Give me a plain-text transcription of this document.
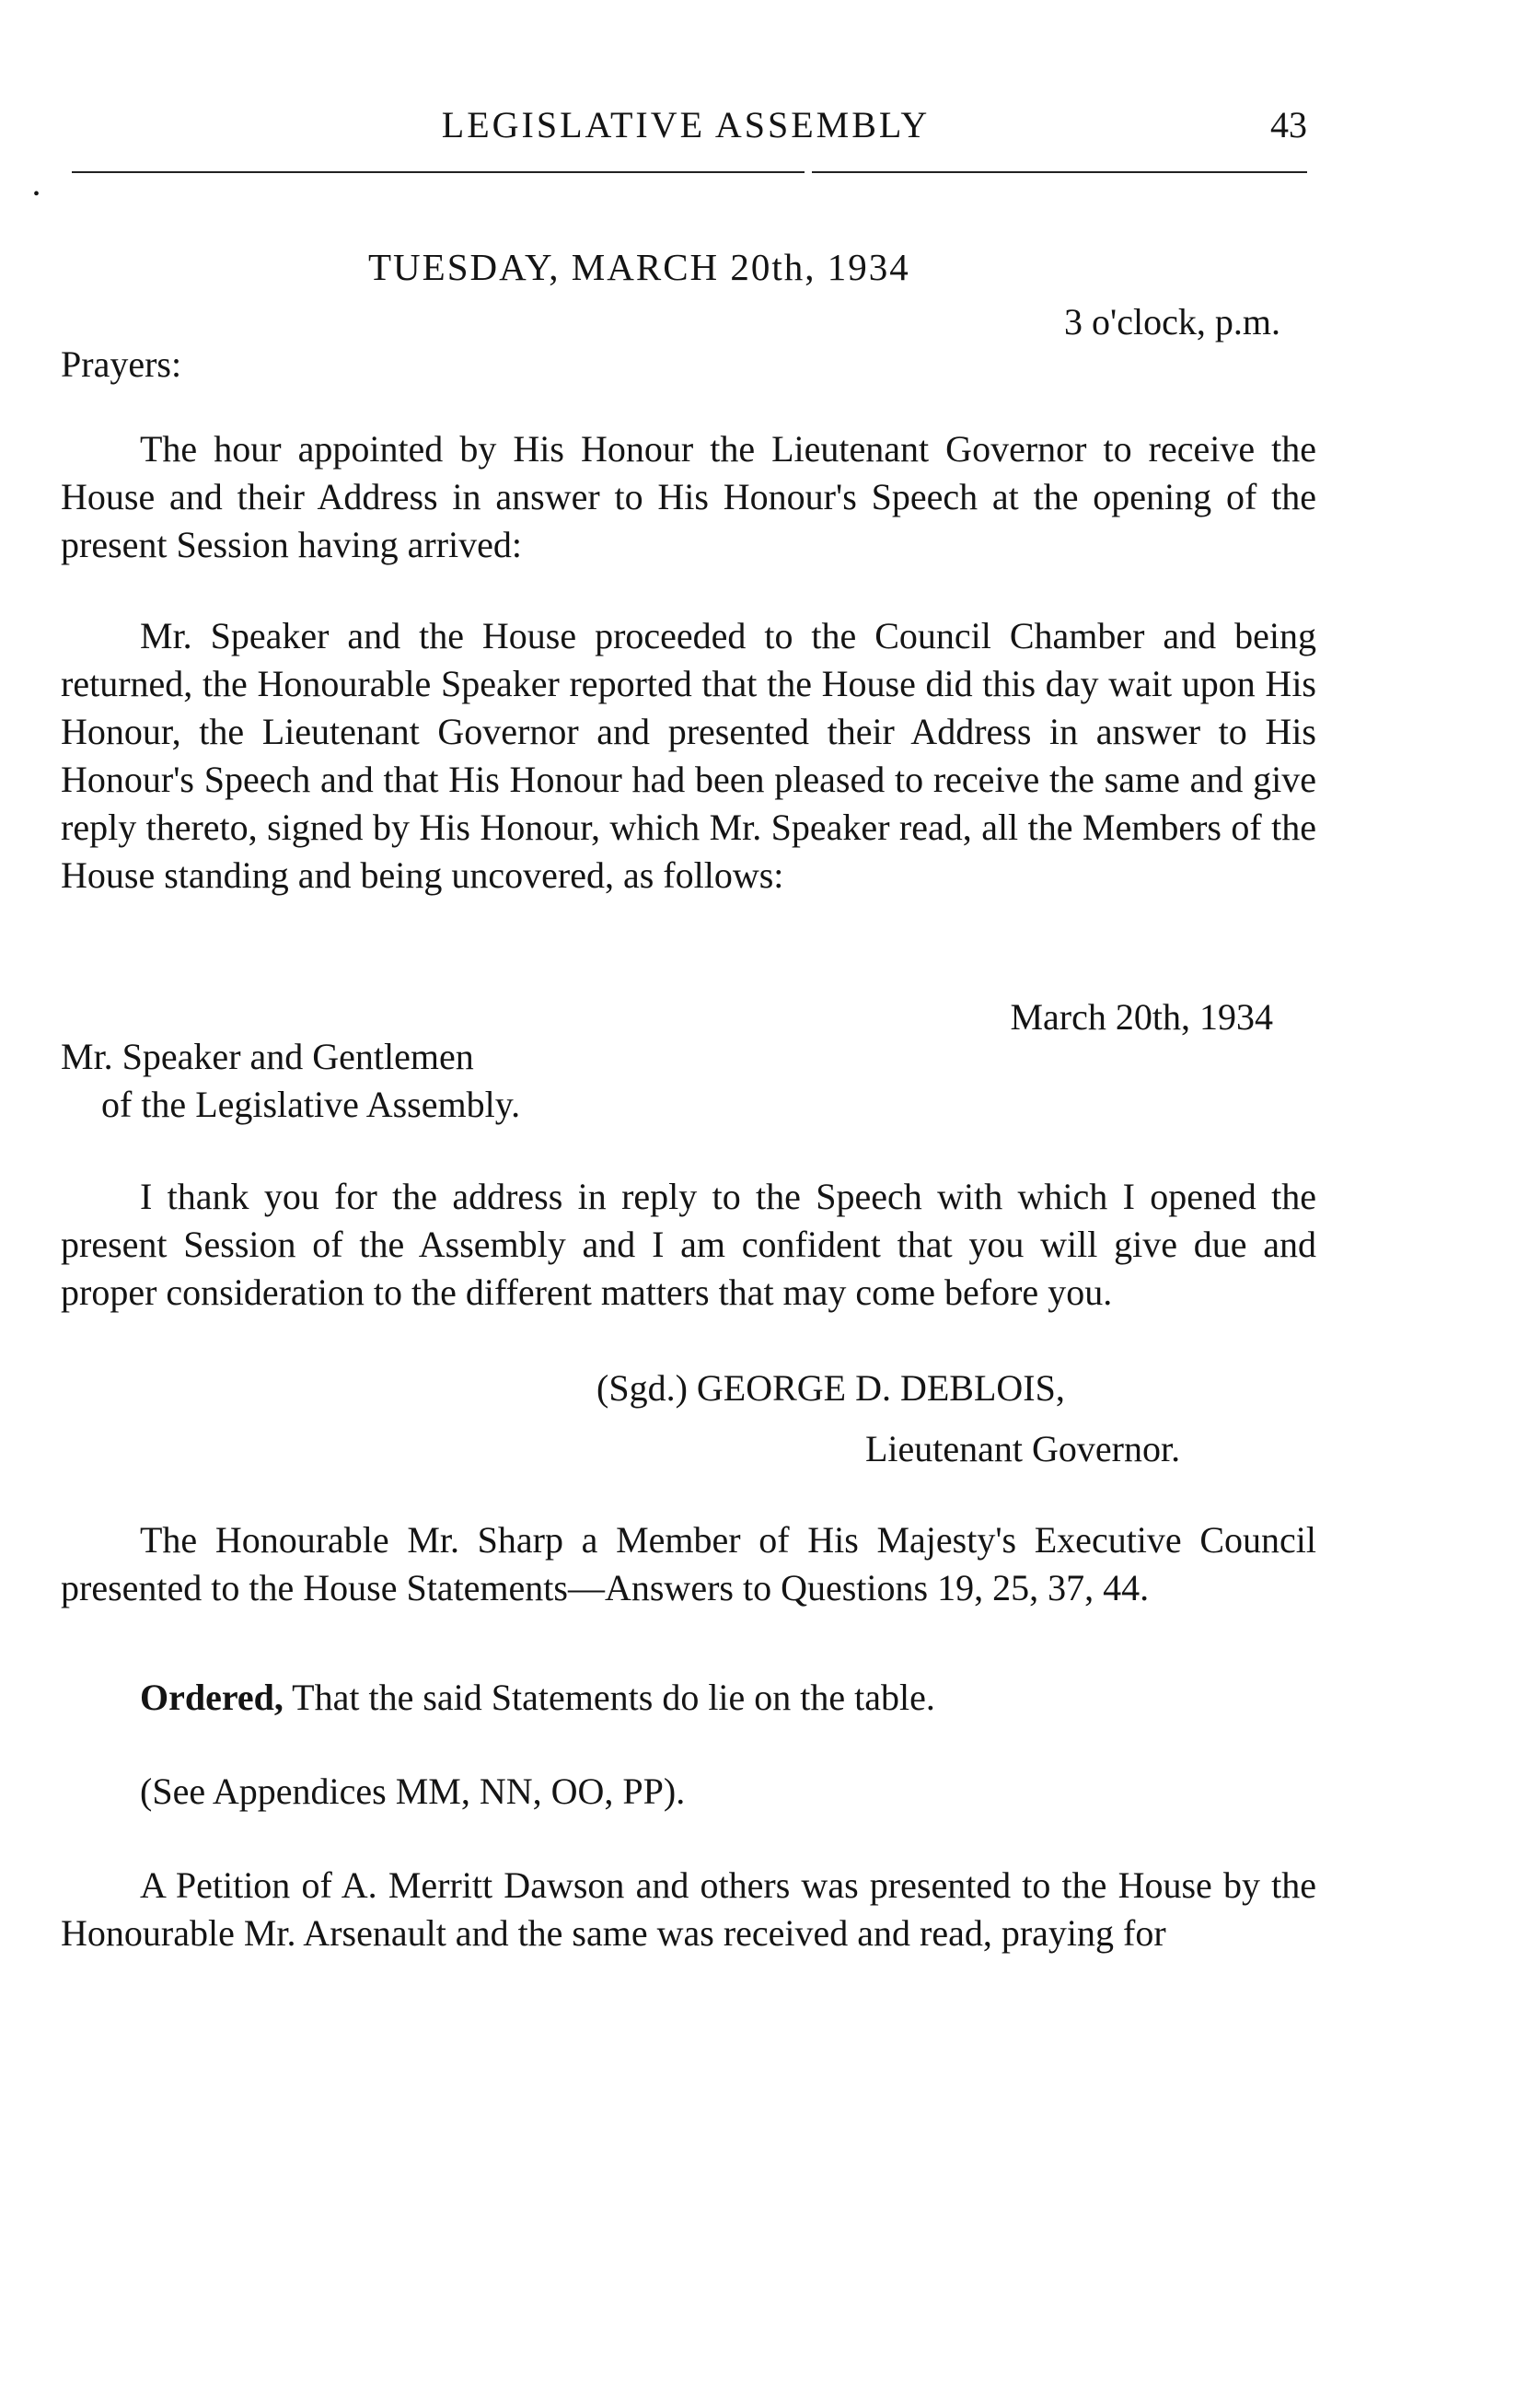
LEGISLATIVE ASSEMBLY	43
•
TUESDAY, MARCH 20th, 1934
3 o'clock, p.m.
Prayers:
The hour appointed by His Honour the Lieutenant Governor to receive the House and their Address in answer to His Honour's Speech at the opening of the present Session having arrived:
Mr. Speaker and the House proceeded to the Council Chamber and being returned, the Honourable Speaker reported that the House did this day wait upon His Honour, the Lieutenant Governor and presented their Address in answer to His Honour's Speech and that His Honour had been pleased to receive the same and give reply thereto, signed by His Honour, which Mr. Speaker read, all the Members of the House standing and being uncovered, as follows:
March 20th, 1934
Mr. Speaker and Gentlemen
of the Legislative Assembly.
I thank you for the address in reply to the Speech with which I opened the present Session of the Assembly and I am confident that you will give due and proper consideration to the different matters that may come before you.
(Sgd.) GEORGE D. DEBLOIS,
Lieutenant Governor.
The Honourable Mr. Sharp a Member of His Majesty's Executive Council presented to the House Statements—Answers to Questions 19, 25, 37, 44.
Ordered, That the said Statements do lie on the table.
(See Appendices MM, NN, OO, PP).
A Petition of A. Merritt Dawson and others was presented to the House by the Honourable Mr. Arsenault and the same was received and read, praying for
